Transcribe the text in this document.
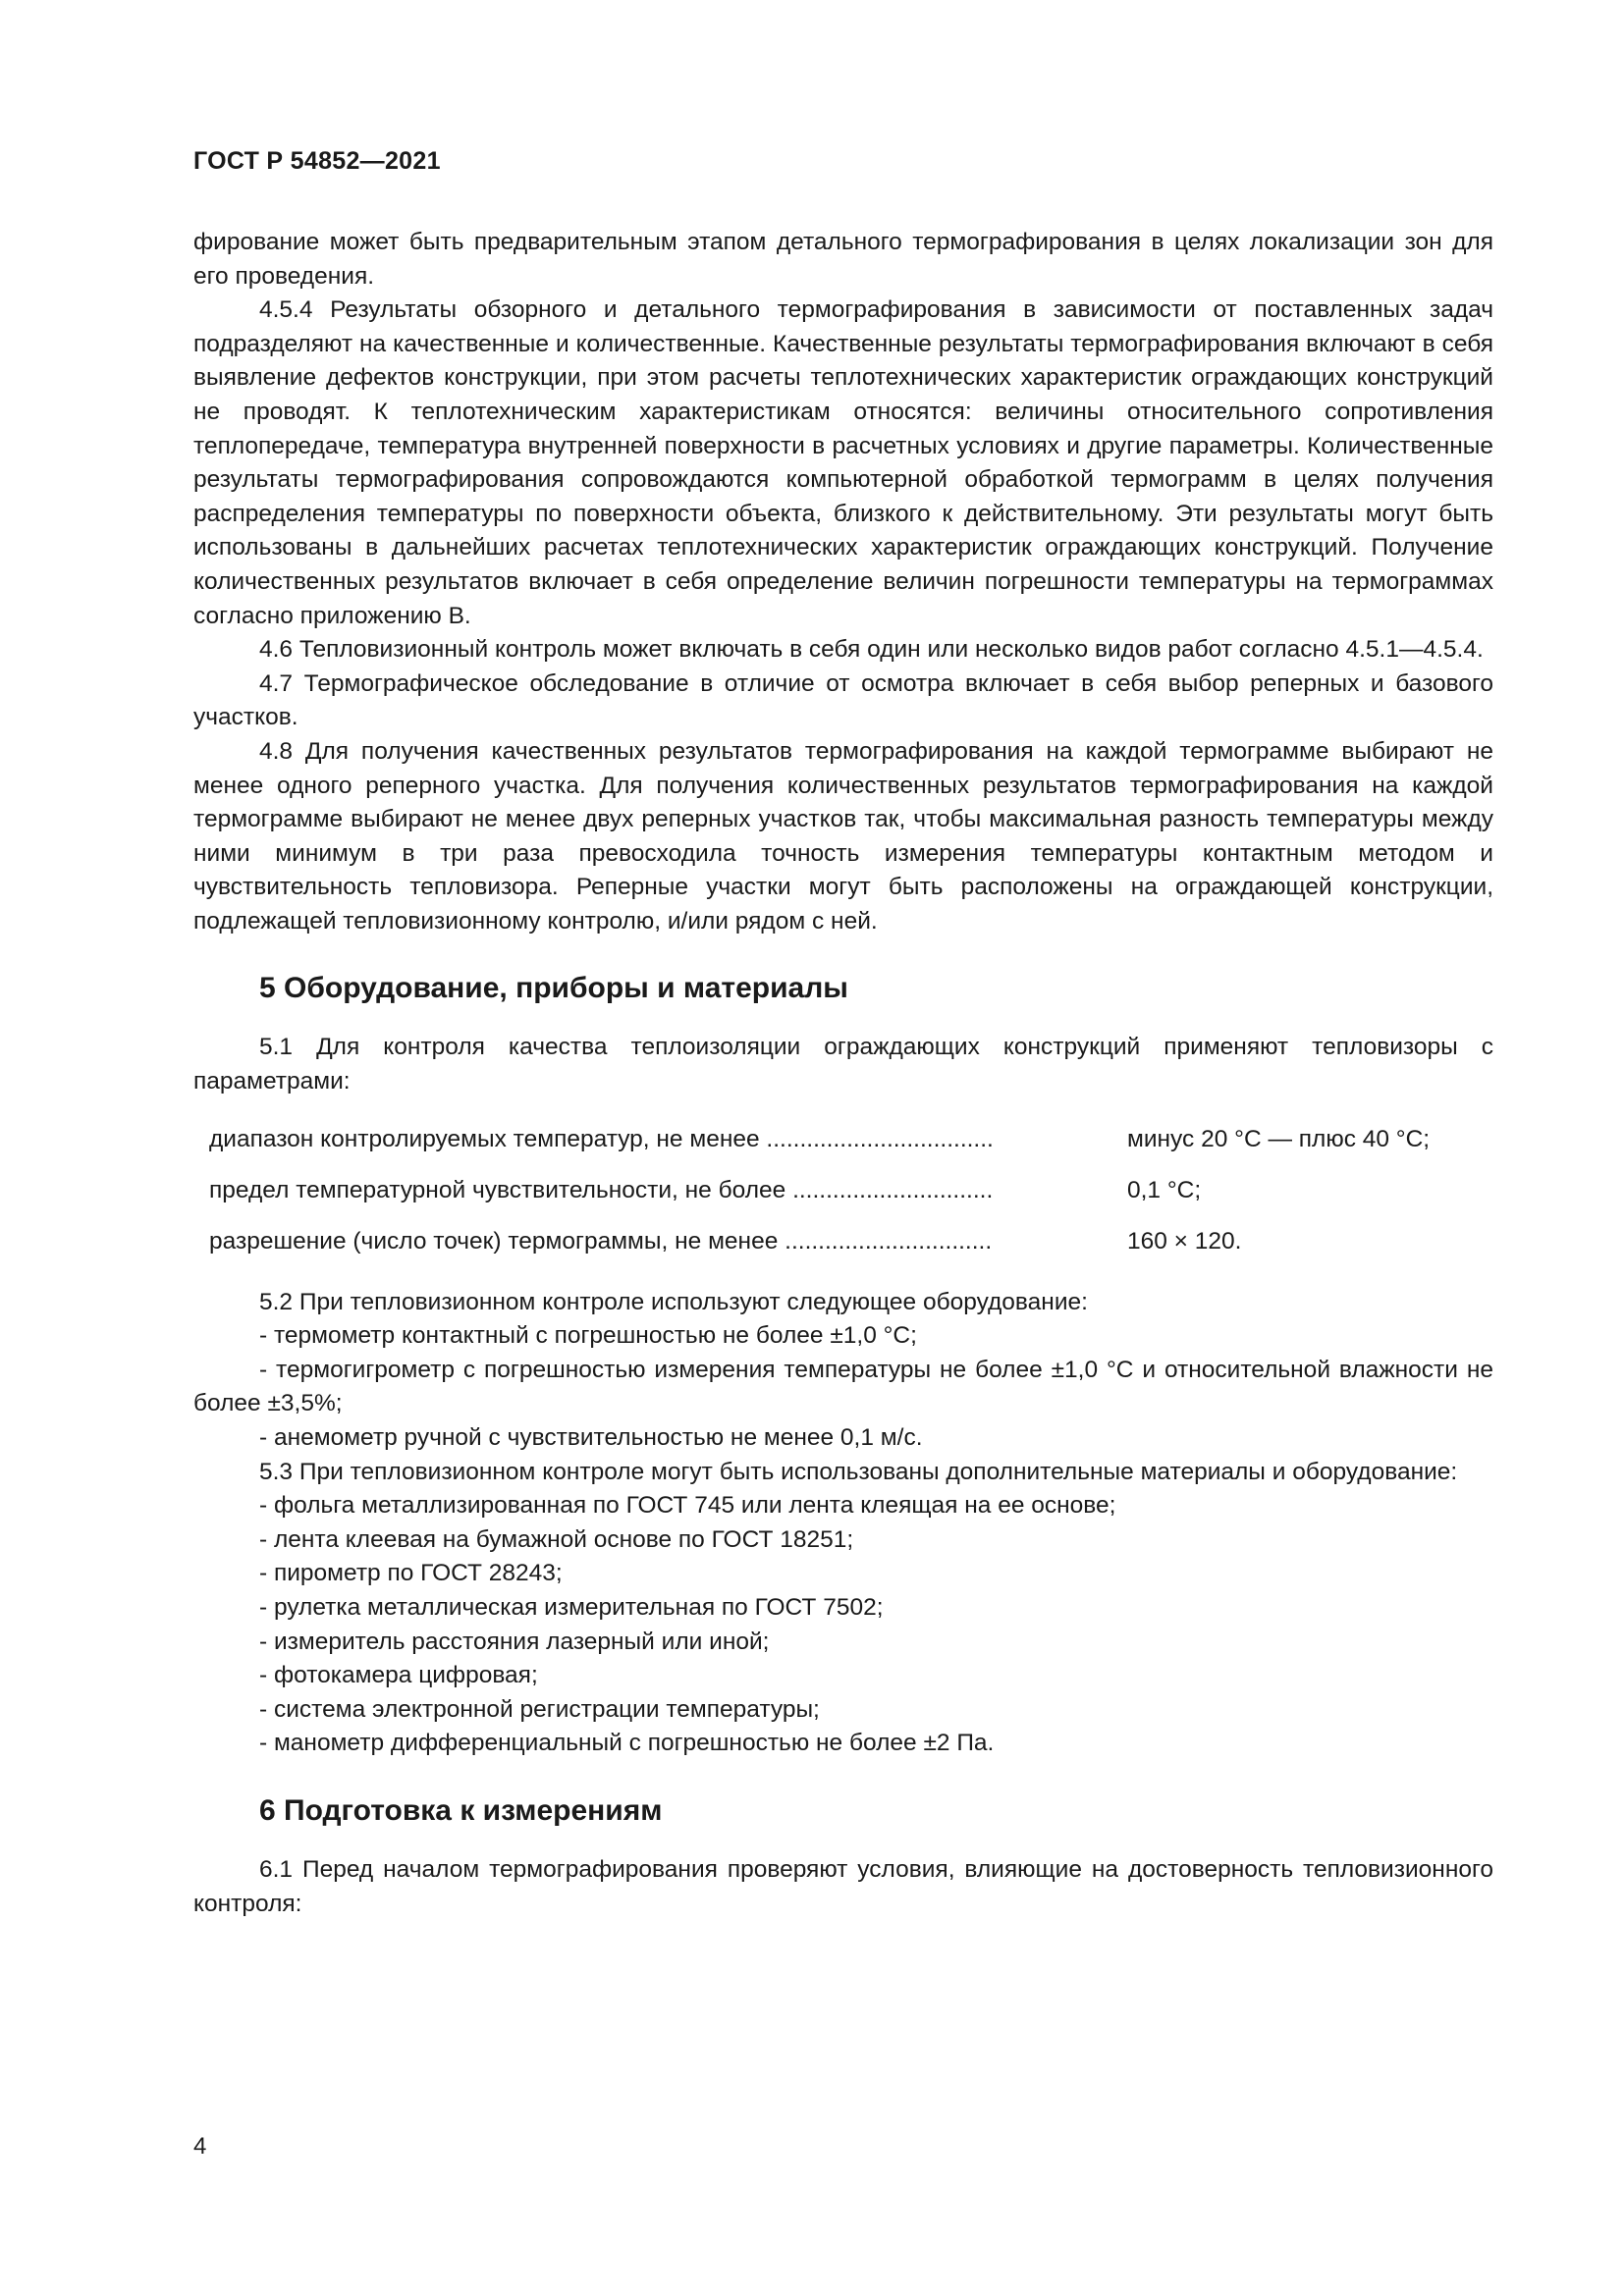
ГОСТ Р 54852—2021

фирование может быть предварительным этапом детального термографирования в целях локализации зон для его проведения.

4.5.4 Результаты обзорного и детального термографирования в зависимости от поставленных задач подразделяют на качественные и количественные. Качественные результаты термографирования включают в себя выявление дефектов конструкции, при этом расчеты теплотехнических характеристик ограждающих конструкций не проводят. К теплотехническим характеристикам относятся: величины относительного сопротивления теплопередаче, температура внутренней поверхности в расчетных условиях и другие параметры. Количественные результаты термографирования сопровождаются компьютерной обработкой термограмм в целях получения распределения температуры по поверхности объекта, близкого к действительному. Эти результаты могут быть использованы в дальнейших расчетах теплотехнических характеристик ограждающих конструкций. Получение количественных результатов включает в себя определение величин погрешности температуры на термограммах согласно приложению В.

4.6 Тепловизионный контроль может включать в себя один или несколько видов работ согласно 4.5.1—4.5.4.

4.7 Термографическое обследование в отличие от осмотра включает в себя выбор реперных и базового участков.

4.8 Для получения качественных результатов термографирования на каждой термограмме выбирают не менее одного реперного участка. Для получения количественных результатов термографирования на каждой термограмме выбирают не менее двух реперных участков так, чтобы максимальная разность температуры между ними минимум в три раза превосходила точность измерения температуры контактным методом и чувствительность тепловизора. Реперные участки могут быть расположены на ограждающей конструкции, подлежащей тепловизионному контролю, и/или рядом с ней.

5 Оборудование, приборы и материалы

5.1 Для контроля качества теплоизоляции ограждающих конструкций применяют тепловизоры с параметрами:

диапазон контролируемых температур, не менее ..................................	минус 20 °С — плюс 40 °С;
предел температурной чувствительности, не более ..............................	0,1 °С;
разрешение (число точек) термограммы, не менее ...............................	160 × 120.

5.2 При тепловизионном контроле используют следующее оборудование:

- термометр контактный с погрешностью не более ±1,0 °С;

- термогигрометр с погрешностью измерения температуры не более ±1,0 °С и относительной влажности не более ±3,5%;

- анемометр ручной с чувствительностью не менее 0,1 м/с.

5.3 При тепловизионном контроле могут быть использованы дополнительные материалы и оборудование:

- фольга металлизированная по ГОСТ 745 или лента клеящая на ее основе;

- лента клеевая на бумажной основе по ГОСТ 18251;

- пирометр по ГОСТ 28243;

- рулетка металлическая измерительная по ГОСТ 7502;

- измеритель расстояния лазерный или иной;

- фотокамера цифровая;

- система электронной регистрации температуры;

- манометр дифференциальный с погрешностью не более ±2 Па.

6 Подготовка к измерениям

6.1 Перед началом термографирования проверяют условия, влияющие на достоверность тепловизионного контроля:

4
